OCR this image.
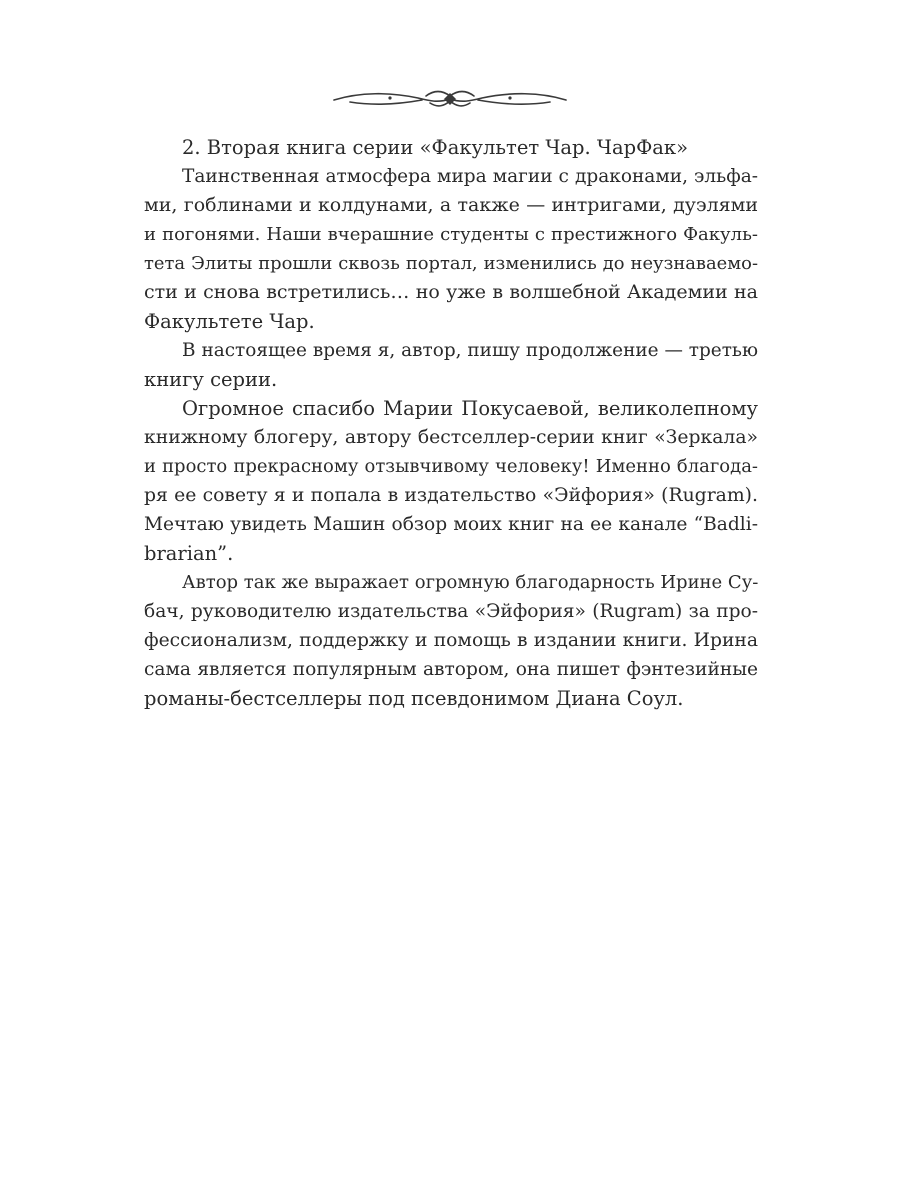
2. Вторая книга серии «Факультет Чар. ЧарФак»
Таинственная атмосфера мира магии с драконами, эльфа-
ми, гоблинами и колдунами, а также — интригами, дуэлями
и погонями. Наши вчерашние студенты с престижного Факуль-
тета Элиты прошли сквозь портал, изменились до неузнаваемо-
сти и снова встретились… но уже в волшебной Академии на
Факультете Чар.
В настоящее время я, автор, пишу продолжение — третью
книгу серии.
Огромное спасибо Марии Покусаевой, великолепному
книжному блогеру, автору бестселлер-серии книг «Зеркала»
и просто прекрасному отзывчивому человеку! Именно благода-
ря ее совету я и попала в издательство «Эйфория» (Rugram).
Мечтаю увидеть Машин обзор моих книг на ее канале “Badli-
brarian”.
Автор так же выражает огромную благодарность Ирине Су-
бач, руководителю издательства «Эйфория» (Rugram) за про-
фессионализм, поддержку и помощь в издании книги. Ирина
сама является популярным автором, она пишет фэнтезийные
романы-бестселлеры под псевдонимом Диана Соул.
